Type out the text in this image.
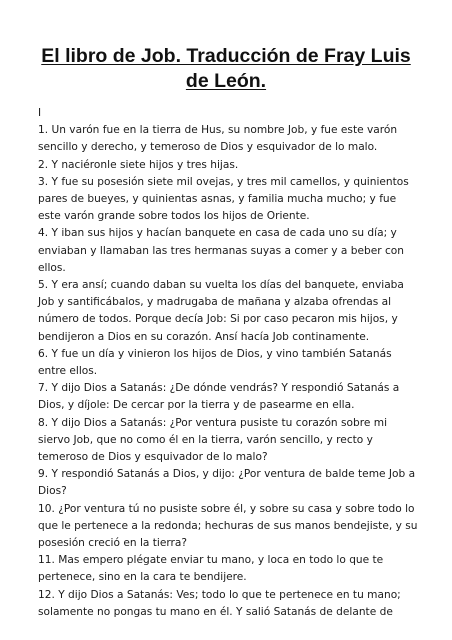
El libro de Job. Traducción de Fray Luis de León.

I

1. Un varón fue en la tierra de Hus, su nombre Job, y fue este varón sencillo y derecho, y temeroso de Dios y esquivador de lo malo.

2. Y naciéronle siete hijos y tres hijas.

3. Y fue su posesión siete mil ovejas, y tres mil camellos, y quinientos pares de bueyes, y quinientas asnas, y familia mucha mucho; y fue este varón grande sobre todos los hijos de Oriente.

4. Y iban sus hijos y hacían banquete en casa de cada uno su día; y enviaban y llamaban las tres hermanas suyas a comer y a beber con ellos.

5. Y era ansí; cuando daban su vuelta los días del banquete, enviaba Job y santificábalos, y madrugaba de mañana y alzaba ofrendas al número de todos. Porque decía Job: Si por caso pecaron mis hijos, y bendijeron a Dios en su corazón. Ansí hacía Job continamente.

6. Y fue un día y vinieron los hijos de Dios, y vino también Satanás entre ellos.

7. Y dijo Dios a Satanás: ¿De dónde vendrás? Y respondió Satanás a Dios, y díjole: De cercar por la tierra y de pasearme en ella.

8. Y dijo Dios a Satanás: ¿Por ventura pusiste tu corazón sobre mi siervo Job, que no como él en la tierra, varón sencillo, y recto y temeroso de Dios y esquivador de lo malo?

9. Y respondió Satanás a Dios, y dijo: ¿Por ventura de balde teme Job a Dios?

10. ¿Por ventura tú no pusiste sobre él, y sobre su casa y sobre todo lo que le pertenece a la redonda; hechuras de sus manos bendejiste, y su posesión creció en la tierra?

11. Mas empero plégate enviar tu mano, y loca en todo lo que te pertenece, sino en la cara te bendijere.

12. Y dijo Dios a Satanás: Ves; todo lo que te pertenece en tu mano; solamente no pongas tu mano en él. Y salió Satanás de delante de
